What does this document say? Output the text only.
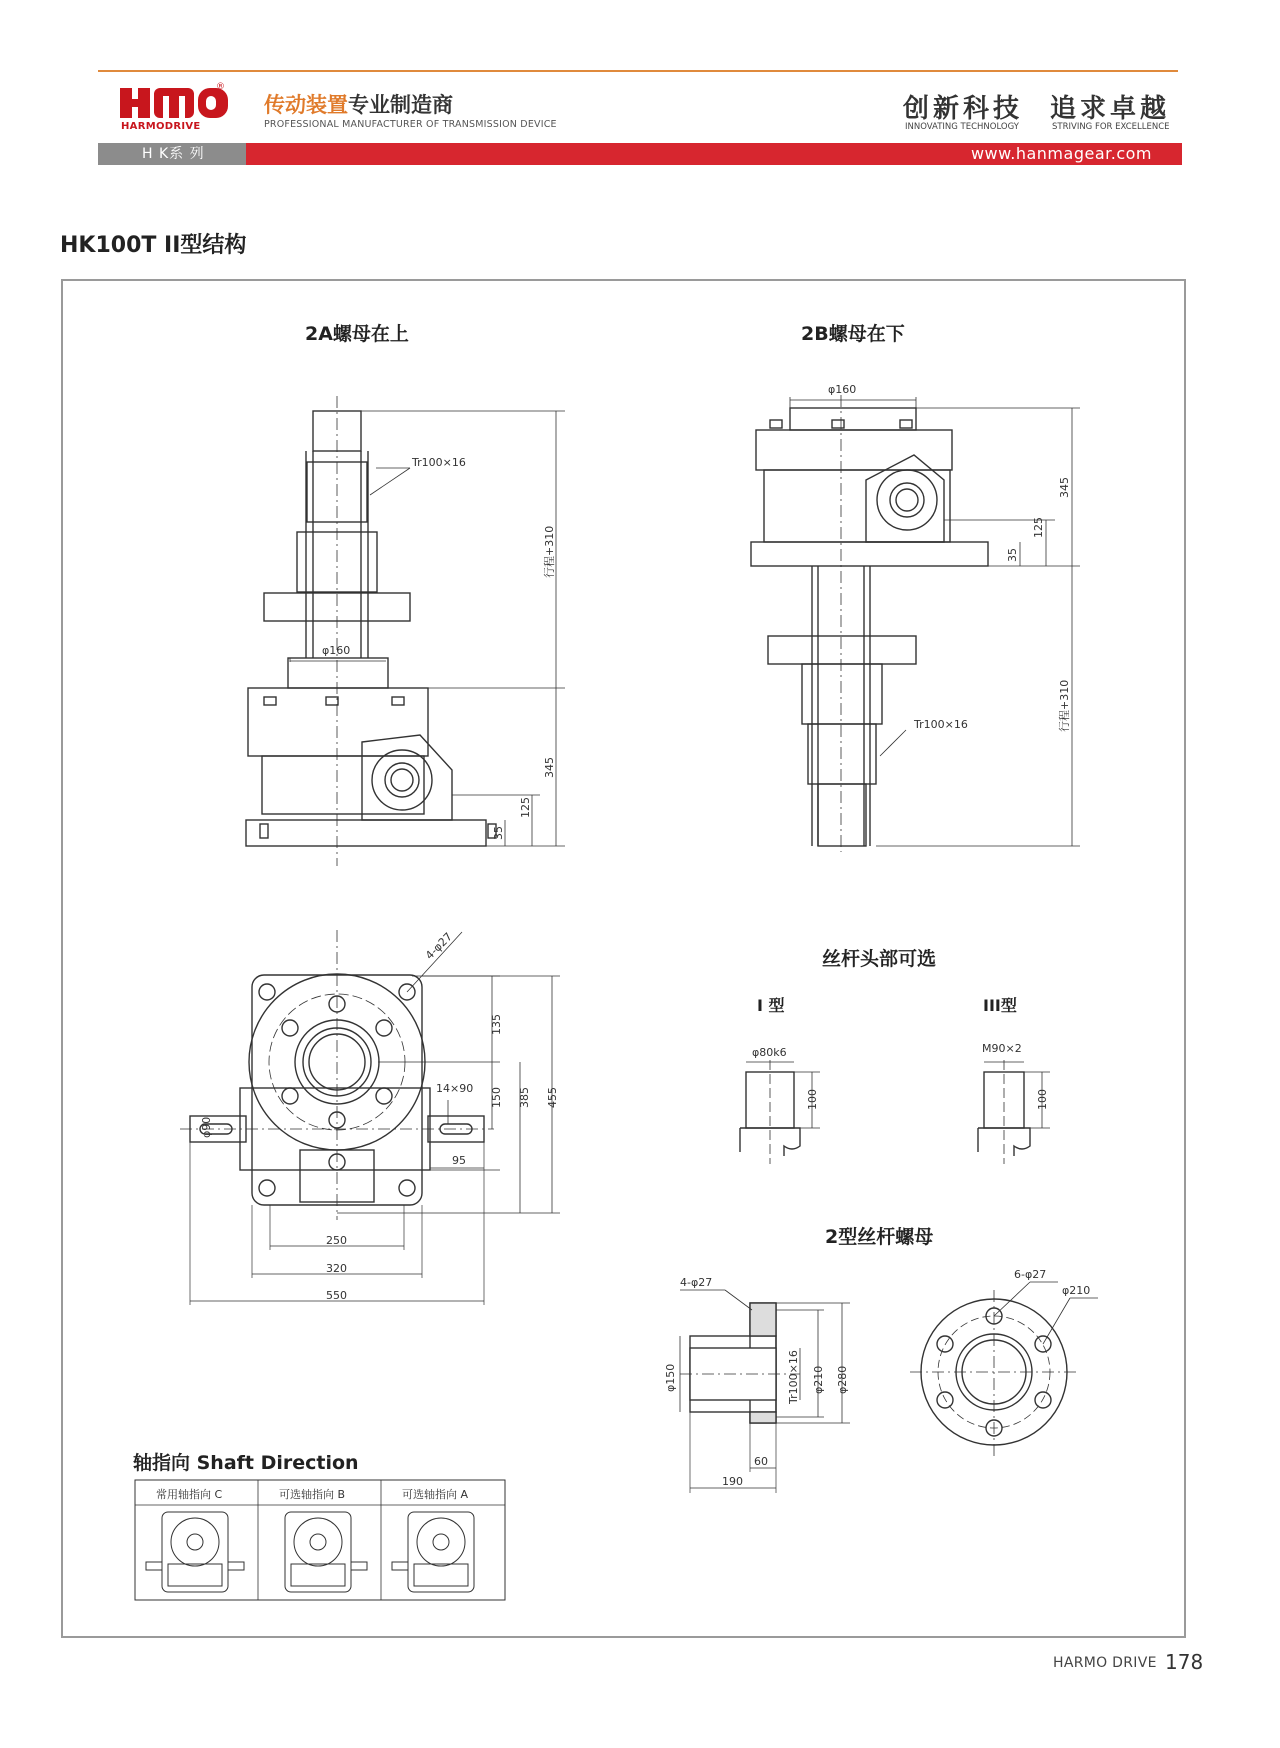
®
HARMODRIVE
传动装置专业制造商
PROFESSIONAL MANUFACTURER OF TRANSMISSION DEVICE
创新科技
INNOVATING TECHNOLOGY
追求卓越
STRIVING FOR EXCELLENCE
H K系 列	www.hanmagear.com
HK100T II型结构
Tr100×16
φ160
行程+310
345
125
35
φ160
Tr100×16
345
125
35
行程+310
4-φ27
14×90
95
φ90
135
150 385 455
250
320
550
φ80k6
100
M90×2
100
4-φ27
6-φ27
φ210
φ150	Tr100×16 φ210 φ280
60
190
常用轴指向 C	可选轴指向 B	可选轴指向 A
2A螺母在上	2B螺母在下
丝杆头部可选
I 型	III型
2型丝杆螺母
轴指向 Shaft Direction
HARMO DRIVE 178
